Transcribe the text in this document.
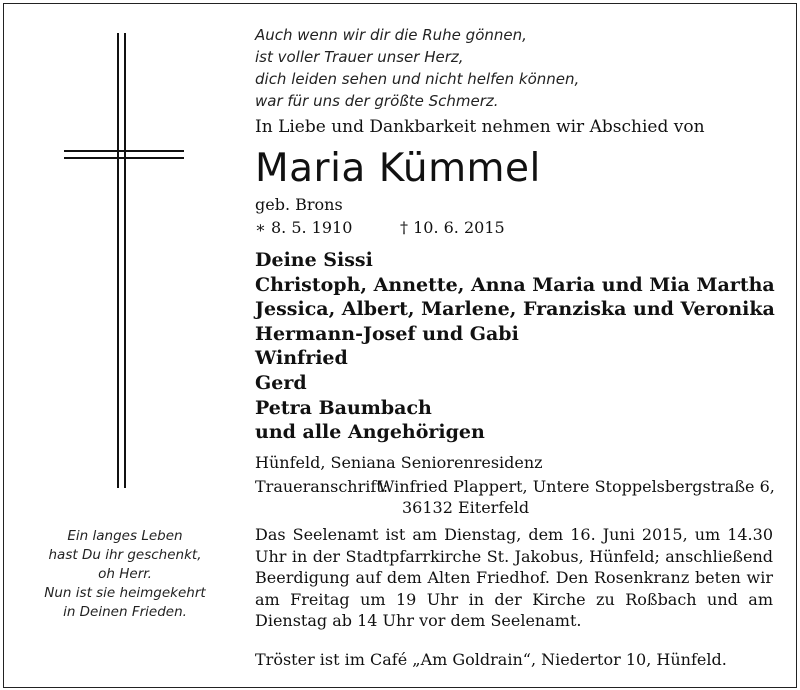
Auch wenn wir dir die Ruhe gönnen,
ist voller Trauer unser Herz,
dich leiden sehen und nicht helfen können,
war für uns der größte Schmerz.
In Liebe und Dankbarkeit nehmen wir Abschied von
Maria Kümmel
geb. Brons
∗ 8. 5. 1910	† 10. 6. 2015
Deine Sissi
Christoph, Annette, Anna Maria und Mia Martha
Jessica, Albert, Marlene, Franziska und Veronika
Hermann-Josef und Gabi
Winfried
Gerd
Petra Baumbach
und alle Angehörigen
Hünfeld, Seniana Seniorenresidenz
Traueranschrift:
Winfried Plappert, Untere Stoppelsbergstraße 6,
36132 Eiterfeld
Das Seelenamt ist am Dienstag, dem 16. Juni 2015, um 14.30 Uhr in der Stadtpfarrkirche St. Jakobus, Hünfeld; anschließend Beerdigung auf dem Alten Friedhof. Den Rosenkranz beten wir am Freitag um 19 Uhr in der Kirche zu Roßbach und am Dienstag ab 14 Uhr vor dem Seelenamt.
Tröster ist im Café „Am Goldrain“, Niedertor 10, Hünfeld.
Ein langes Leben
hast Du ihr geschenkt,
oh Herr.
Nun ist sie heimgekehrt
in Deinen Frieden.
